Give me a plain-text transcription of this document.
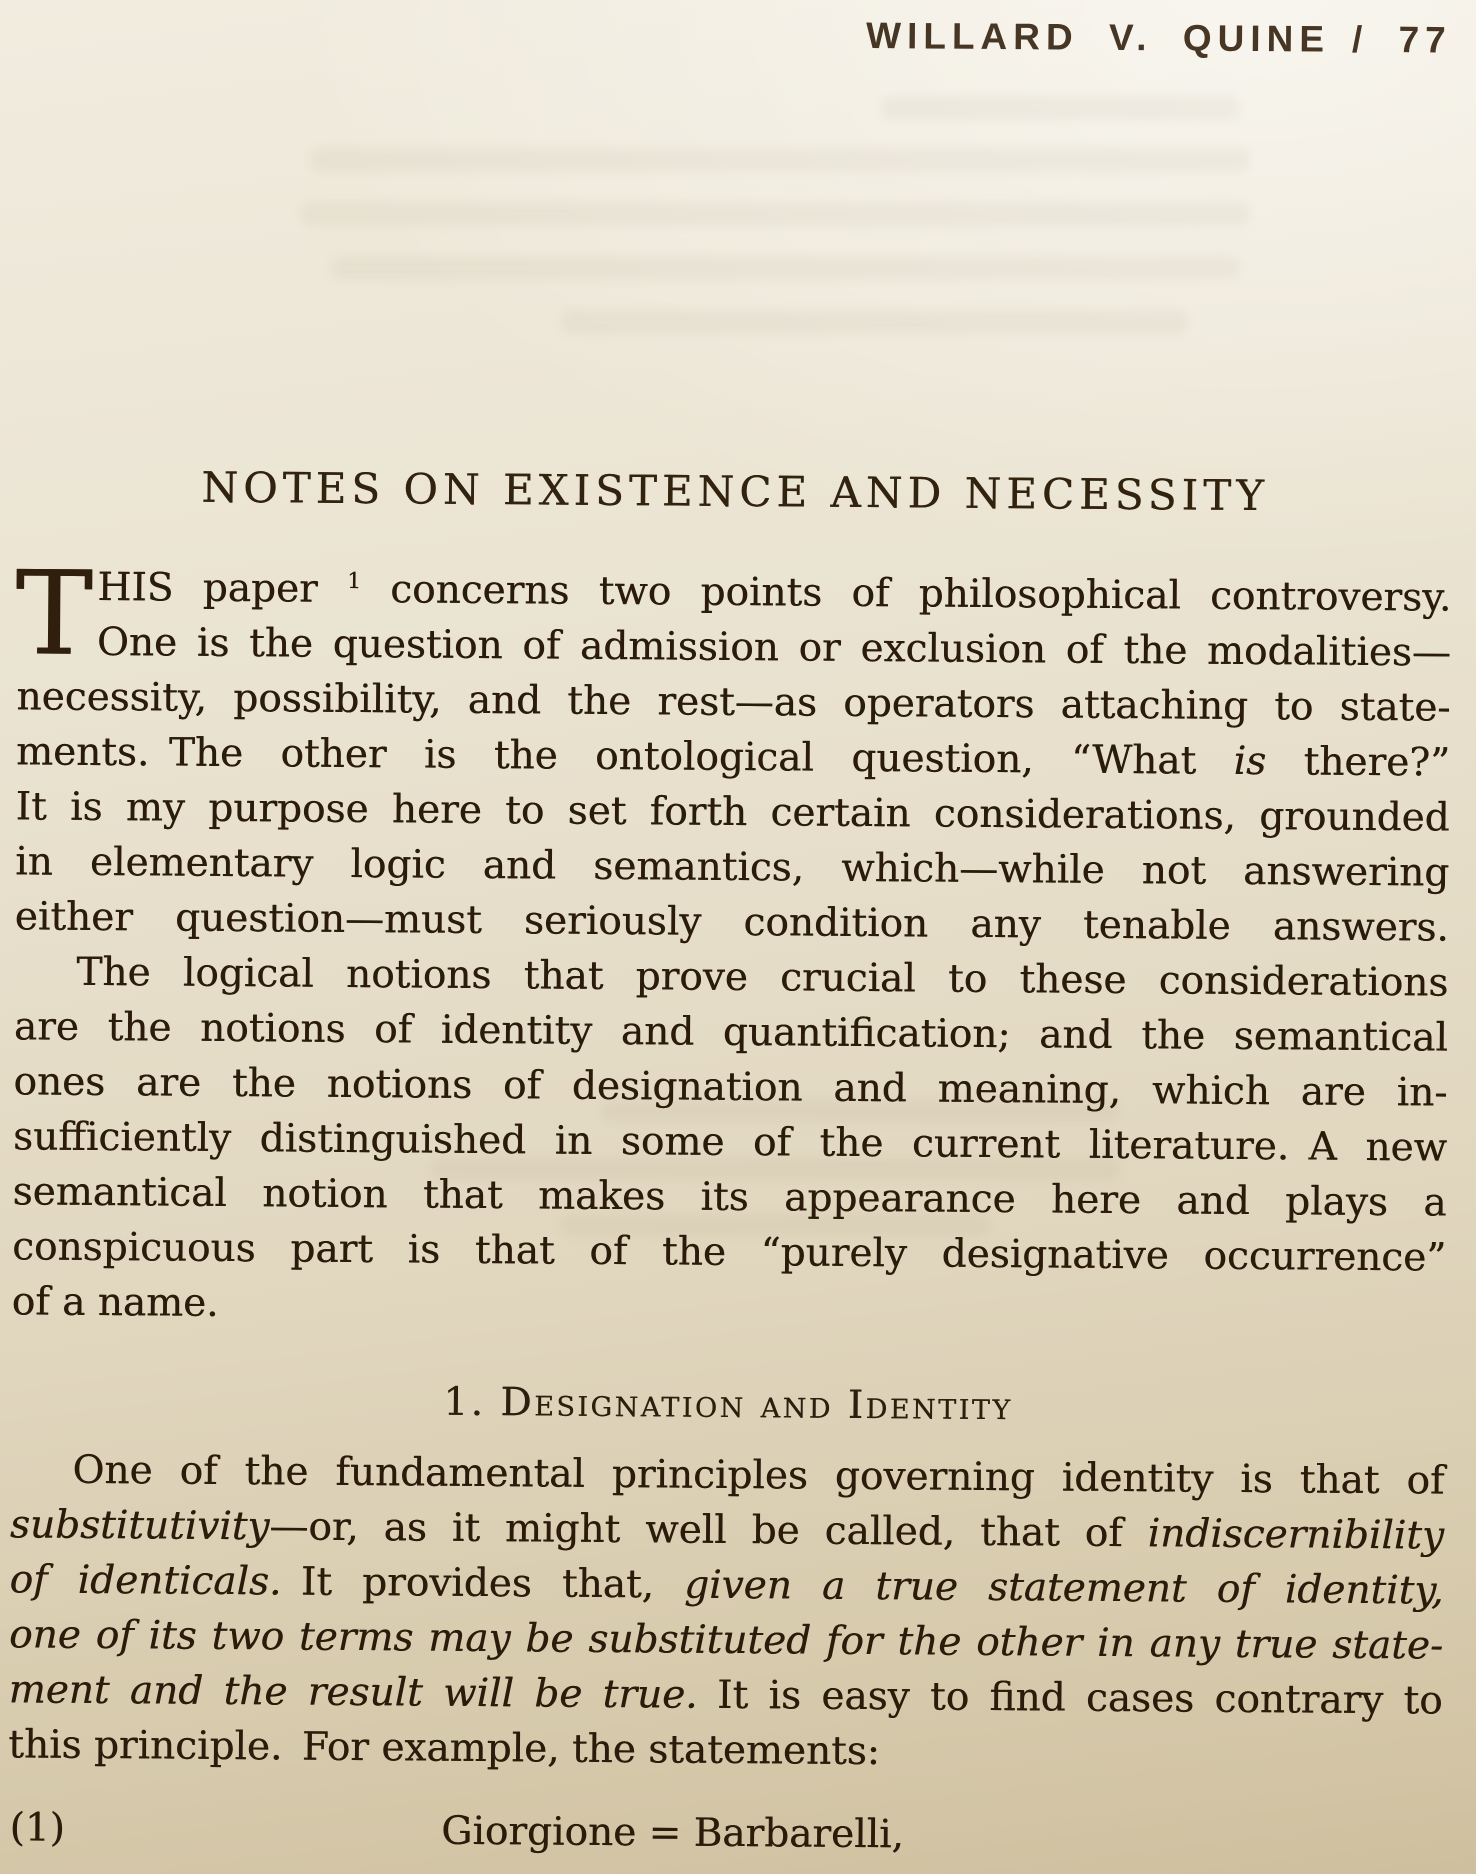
WILLARD V. QUINE / 77
NOTES ON EXISTENCE AND NECESSITY
T HIS paper $^1$ concerns two points of philosophical controversy.
One is the question of admission or exclusion of the modalities—
necessity, possibility, and the rest—as operators attaching to state-
ments. The other is the ontological question, “What is there?”
It is my purpose here to set forth certain considerations, grounded
in elementary logic and semantics, which—while not answering
either question—must seriously condition any tenable answers.
The logical notions that prove crucial to these considerations
are the notions of identity and quantification; and the semantical
ones are the notions of designation and meaning, which are in-
sufficiently distinguished in some of the current literature. A new
semantical notion that makes its appearance here and plays a
conspicuous part is that of the “purely designative occurrence”
of a name.
1. Designation and Identity
One of the fundamental principles governing identity is that of
substitutivity—or, as it might well be called, that of indiscernibility
of identicals. It provides that, given a true statement of identity,
one of its two terms may be substituted for the other in any true state-
ment and the result will be true. It is easy to find cases contrary to
this principle. For example, the statements:
(1)	Giorgione = Barbarelli,
